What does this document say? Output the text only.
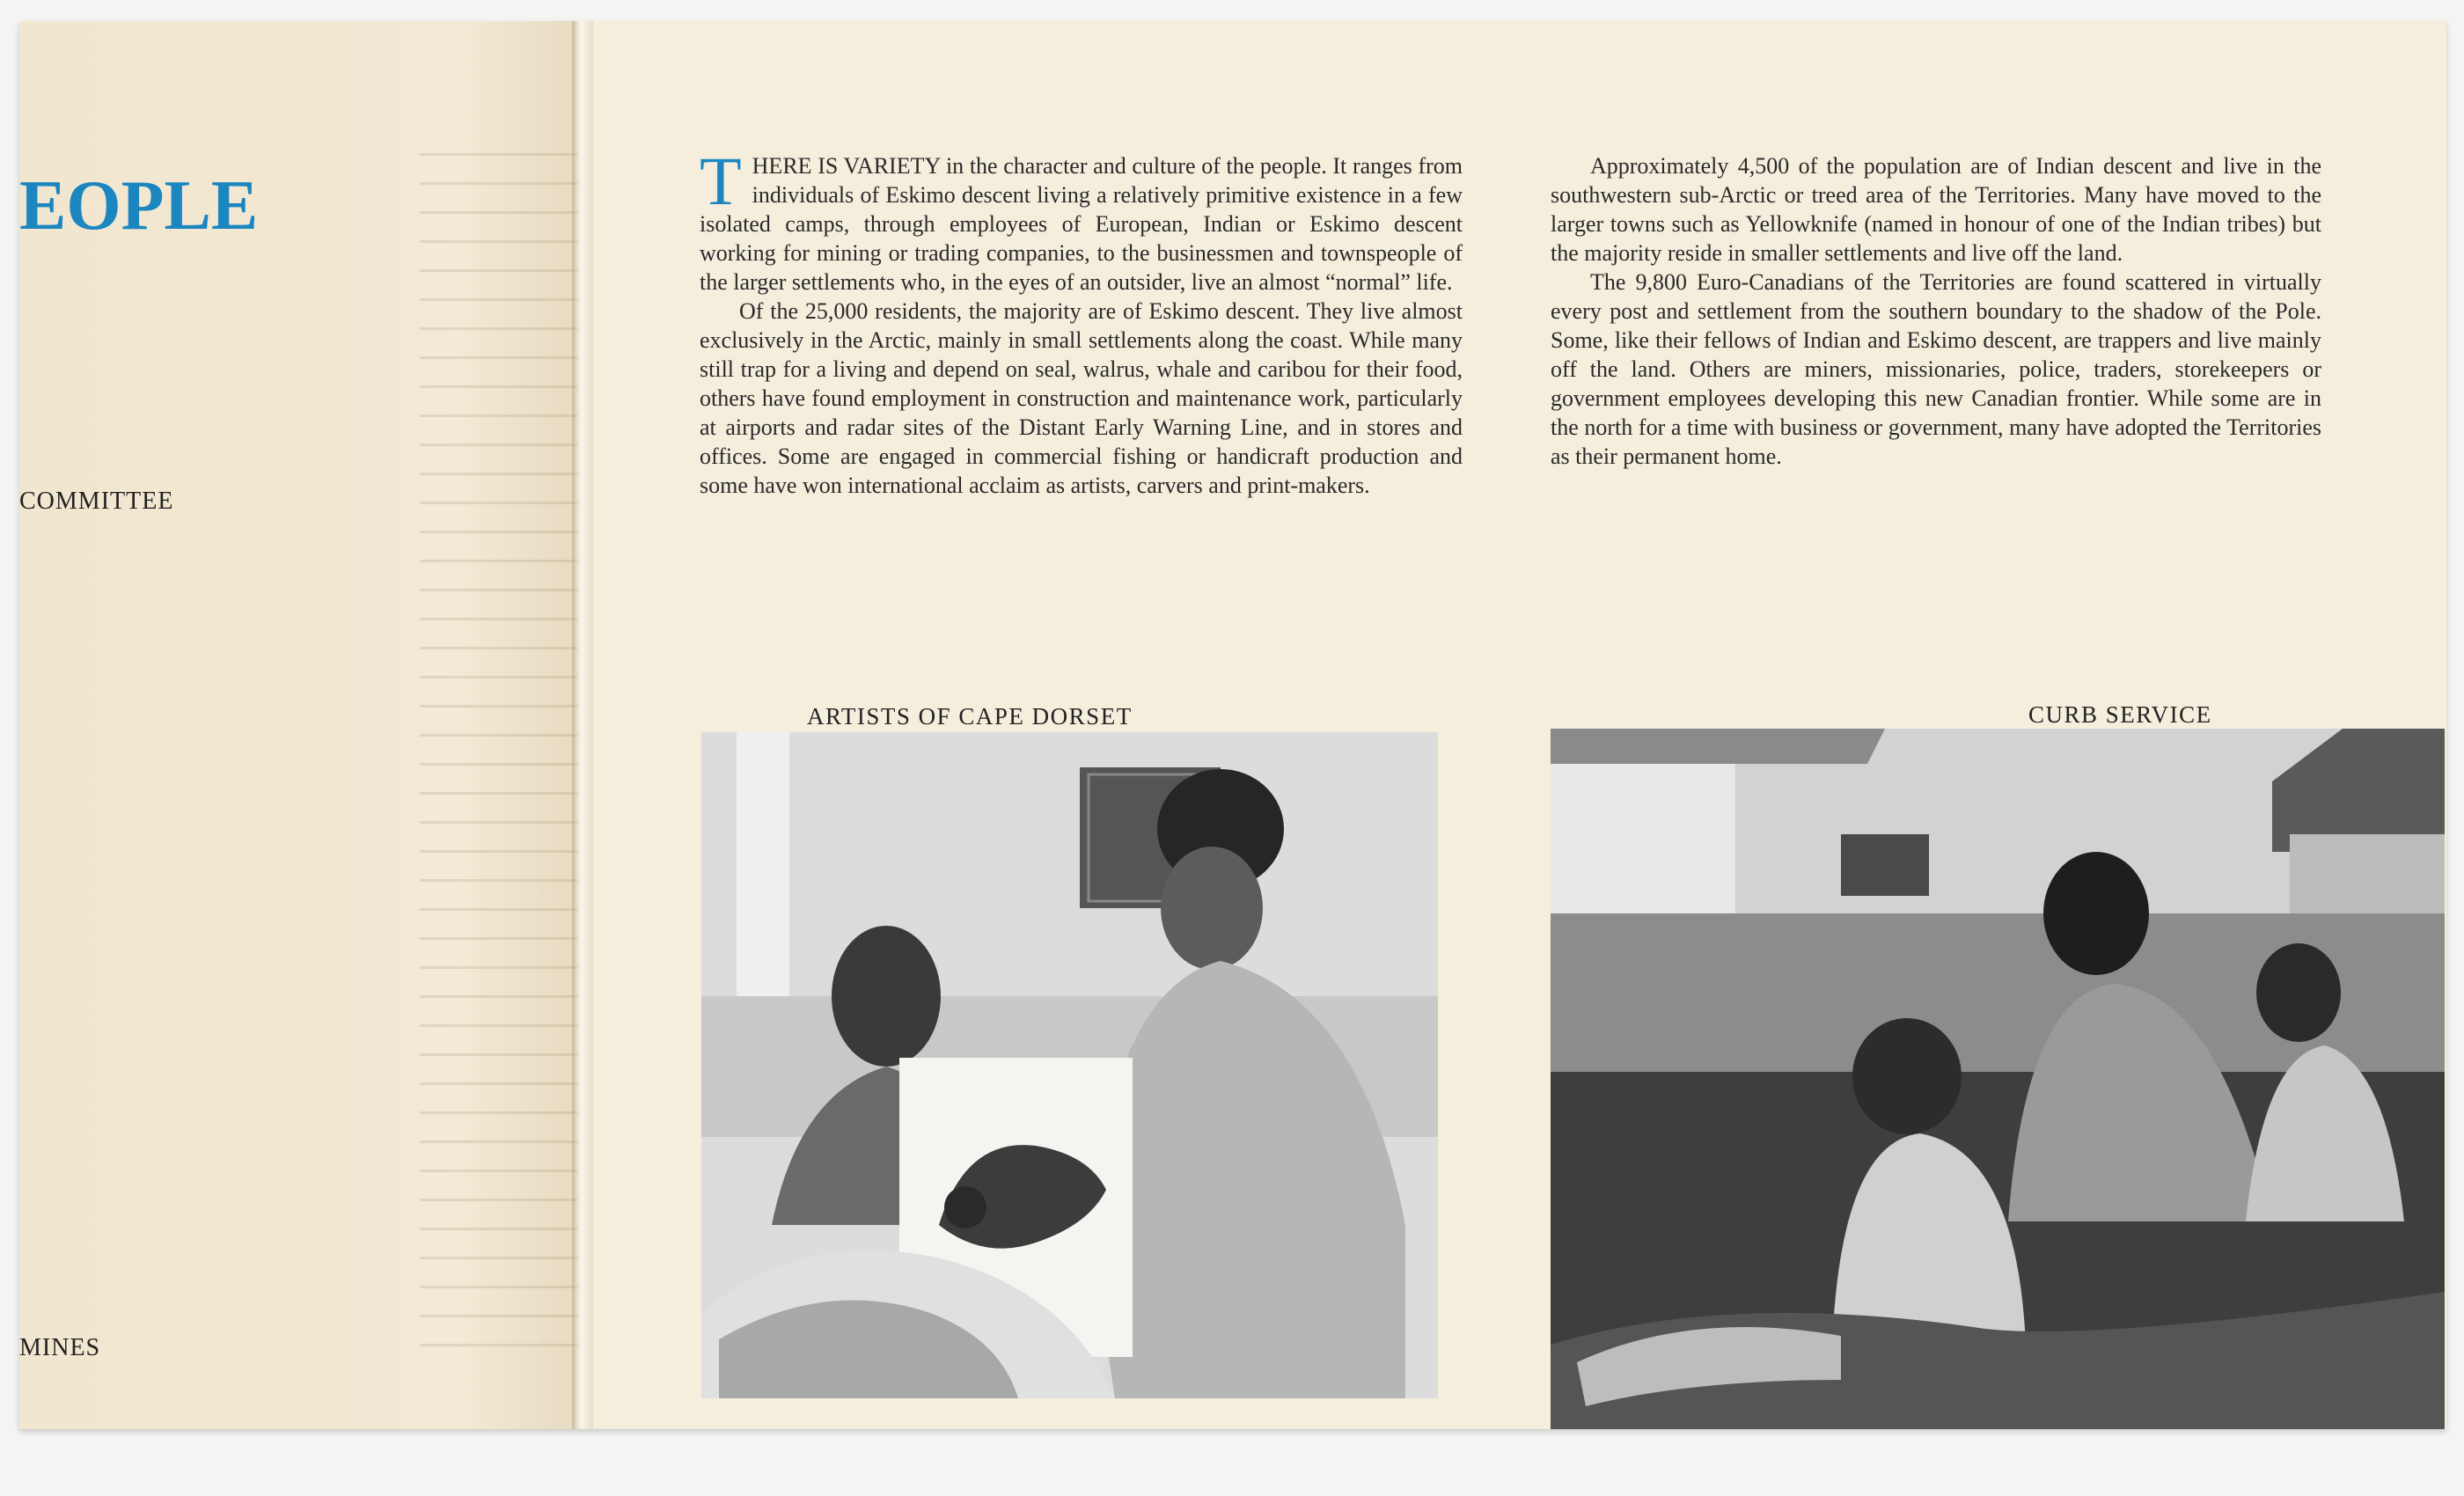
EOPLE

COMMITTEE

MINES

THERE IS VARIETY in the character and culture of the people. It ranges from individuals of Eskimo descent living a relatively primitive existence in a few isolated camps, through employees of European, Indian or Eskimo descent working for mining or trading companies, to the businessmen and townspeople of the larger settlements who, in the eyes of an outsider, live an almost “normal” life.

Of the 25,000 residents, the majority are of Eskimo descent. They live almost exclusively in the Arctic, mainly in small settlements along the coast. While many still trap for a living and depend on seal, walrus, whale and caribou for their food, others have found employment in construction and maintenance work, particularly at airports and radar sites of the Distant Early Warning Line, and in stores and offices. Some are engaged in commercial fishing or handicraft production and some have won international acclaim as artists, carvers and print-makers.

Approximately 4,500 of the population are of Indian descent and live in the southwestern sub-Arctic or treed area of the Territories. Many have moved to the larger towns such as Yellowknife (named in honour of one of the Indian tribes) but the majority reside in smaller settlements and live off the land.

The 9,800 Euro-Canadians of the Territories are found scattered in virtually every post and settlement from the southern boundary to the shadow of the Pole. Some, like their fellows of Indian and Eskimo descent, are trappers and live mainly off the land. Others are miners, missionaries, police, traders, storekeepers or government employees developing this new Canadian frontier. While some are in the north for a time with business or government, many have adopted the Territories as their permanent home.

ARTISTS OF CAPE DORSET	CURB SERVICE
